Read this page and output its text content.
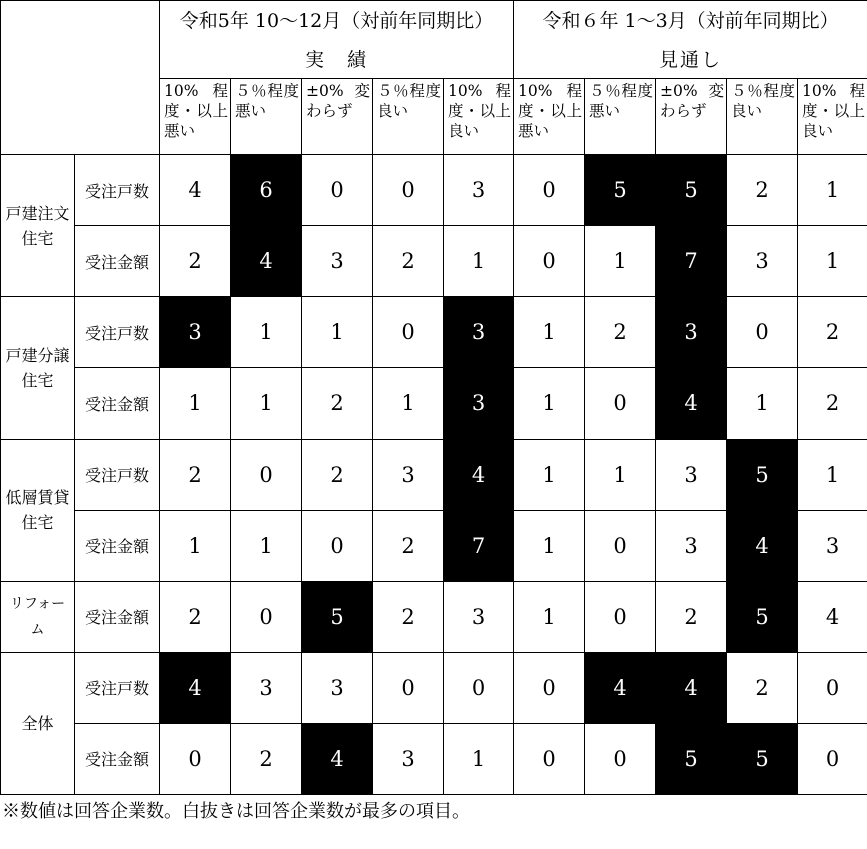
		令和5年 10〜12月（対前年同期比）					令和６年 1〜3月（対前年同期比）				
		実　績					見通し				
		10%程度・以上悪い	５％程度悪い	±0%変わらず	５％程度良い	10%程度・以上良い	10%程度・以上悪い	５％程度悪い	±0%変わらず	５％程度良い	10%程度・以上良い
戸建注文住宅	受注戸数	4	6	0	0	3	0	5	5	2	1
	受注金額	2	4	3	2	1	0	1	7	3	1
戸建分譲住宅	受注戸数	3	1	1	0	3	1	2	3	0	2
	受注金額	1	1	2	1	3	1	0	4	1	2
低層賃貸住宅	受注戸数	2	0	2	3	4	1	1	3	5	1
	受注金額	1	1	0	2	7	1	0	3	4	3
リフォーム	受注金額	2	0	5	2	3	1	0	2	5	4
全体	受注戸数	4	3	3	0	0	0	4	4	2	0
	受注金額	0	2	4	3	1	0	0	5	5	0
※数値は回答企業数。白抜きは回答企業数が最多の項目。
